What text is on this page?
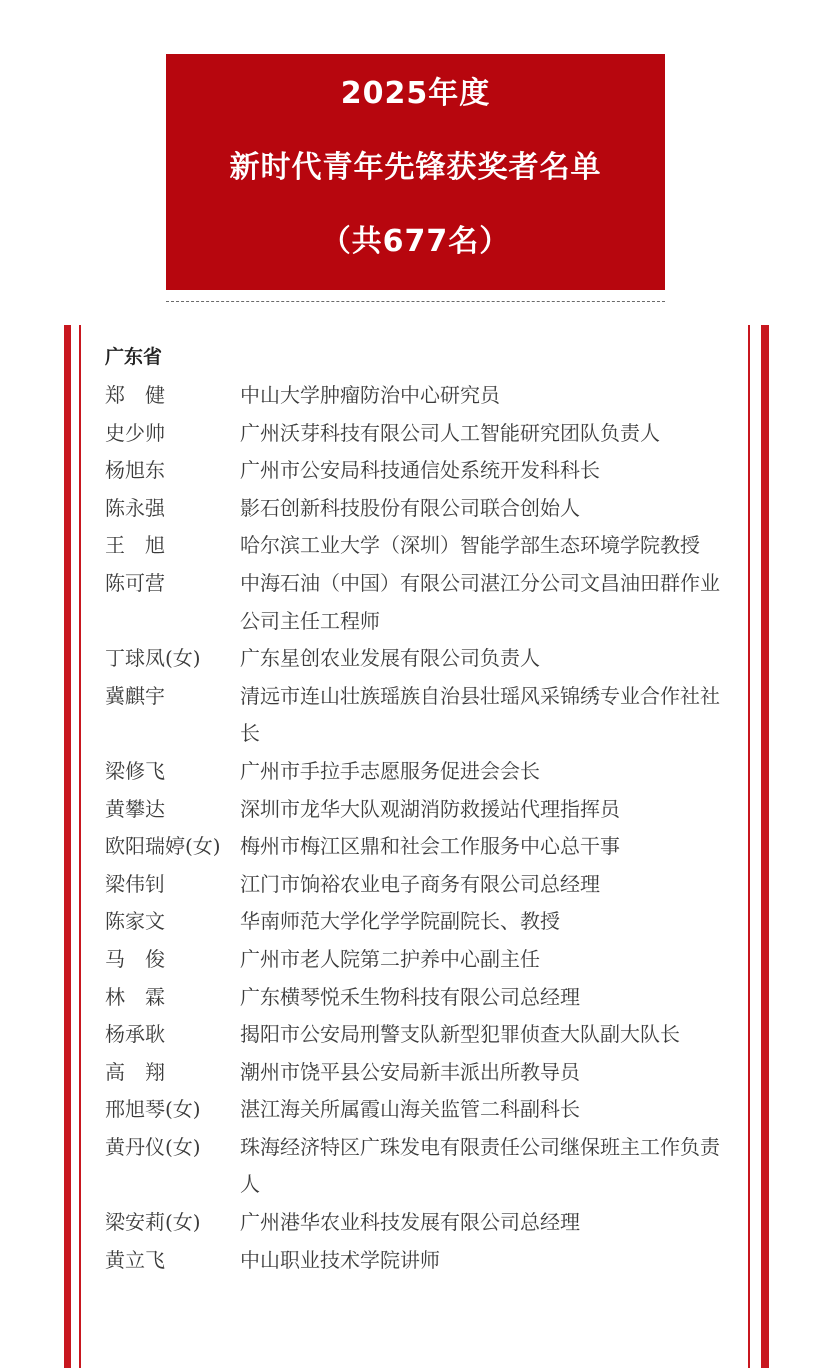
2025年度
新时代青年先锋获奖者名单
（共677名）
广东省
郑　健	中山大学肿瘤防治中心研究员
史少帅	广州沃芽科技有限公司人工智能研究团队负责人
杨旭东	广州市公安局科技通信处系统开发科科长
陈永强	影石创新科技股份有限公司联合创始人
王　旭	哈尔滨工业大学（深圳）智能学部生态环境学院教授
陈可营	中海石油（中国）有限公司湛江分公司文昌油田群作业公司主任工程师
丁球凤(女)	广东星创农业发展有限公司负责人
冀麒宇	清远市连山壮族瑶族自治县壮瑶风采锦绣专业合作社社长
梁修飞	广州市手拉手志愿服务促进会会长
黄攀达	深圳市龙华大队观湖消防救援站代理指挥员
欧阳瑞婷(女) 梅州市梅江区鼎和社会工作服务中心总干事
梁伟钊	江门市饷裕农业电子商务有限公司总经理
陈家文	华南师范大学化学学院副院长、教授
马　俊	广州市老人院第二护养中心副主任
林　霖	广东横琴悦禾生物科技有限公司总经理
杨承耿	揭阳市公安局刑警支队新型犯罪侦查大队副大队长
高　翔	潮州市饶平县公安局新丰派出所教导员
邢旭琴(女)	湛江海关所属霞山海关监管二科副科长
黄丹仪(女)	珠海经济特区广珠发电有限责任公司继保班主工作负责人
梁安莉(女)	广州港华农业科技发展有限公司总经理
黄立飞	中山职业技术学院讲师
